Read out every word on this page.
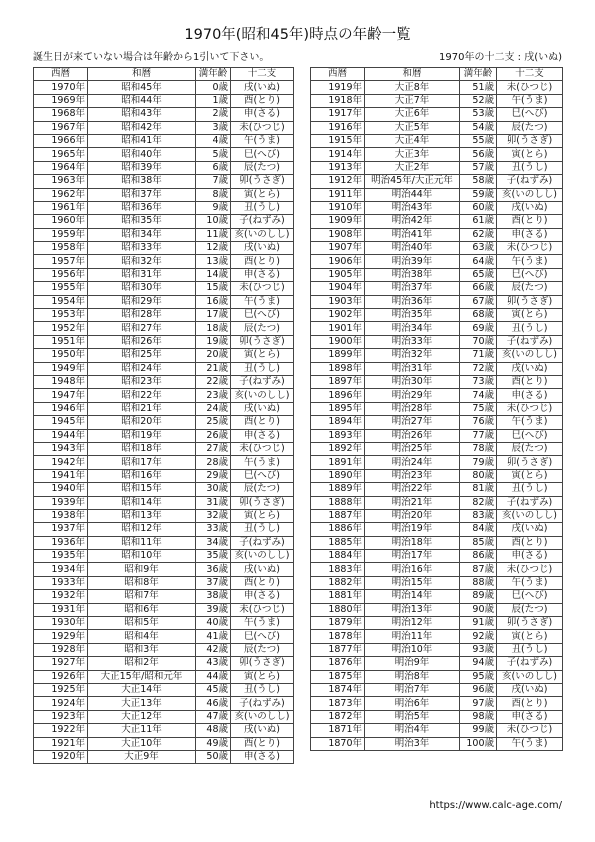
1970年(昭和45年)時点の年齢一覧
誕生日が来ていない場合は年齢から1引いて下さい。	1970年の十二支 : 戌(いぬ)
西暦	和暦	満年齢	十二支
1970年	昭和45年	0歳	戌(いぬ)
1969年	昭和44年	1歳	酉(とり)
1968年	昭和43年	2歳	申(さる)
1967年	昭和42年	3歳	未(ひつじ)
1966年	昭和41年	4歳	午(うま)
1965年	昭和40年	5歳	巳(へび)
1964年	昭和39年	6歳	辰(たつ)
1963年	昭和38年	7歳	卯(うさぎ)
1962年	昭和37年	8歳	寅(とら)
1961年	昭和36年	9歳	丑(うし)
1960年	昭和35年	10歳	子(ねずみ)
1959年	昭和34年	11歳	亥(いのしし)
1958年	昭和33年	12歳	戌(いぬ)
1957年	昭和32年	13歳	酉(とり)
1956年	昭和31年	14歳	申(さる)
1955年	昭和30年	15歳	未(ひつじ)
1954年	昭和29年	16歳	午(うま)
1953年	昭和28年	17歳	巳(へび)
1952年	昭和27年	18歳	辰(たつ)
1951年	昭和26年	19歳	卯(うさぎ)
1950年	昭和25年	20歳	寅(とら)
1949年	昭和24年	21歳	丑(うし)
1948年	昭和23年	22歳	子(ねずみ)
1947年	昭和22年	23歳	亥(いのしし)
1946年	昭和21年	24歳	戌(いぬ)
1945年	昭和20年	25歳	酉(とり)
1944年	昭和19年	26歳	申(さる)
1943年	昭和18年	27歳	未(ひつじ)
1942年	昭和17年	28歳	午(うま)
1941年	昭和16年	29歳	巳(へび)
1940年	昭和15年	30歳	辰(たつ)
1939年	昭和14年	31歳	卯(うさぎ)
1938年	昭和13年	32歳	寅(とら)
1937年	昭和12年	33歳	丑(うし)
1936年	昭和11年	34歳	子(ねずみ)
1935年	昭和10年	35歳	亥(いのしし)
1934年	昭和9年	36歳	戌(いぬ)
1933年	昭和8年	37歳	酉(とり)
1932年	昭和7年	38歳	申(さる)
1931年	昭和6年	39歳	未(ひつじ)
1930年	昭和5年	40歳	午(うま)
1929年	昭和4年	41歳	巳(へび)
1928年	昭和3年	42歳	辰(たつ)
1927年	昭和2年	43歳	卯(うさぎ)
1926年	大正15年/昭和元年	44歳	寅(とら)
1925年	大正14年	45歳	丑(うし)
1924年	大正13年	46歳	子(ねずみ)
1923年	大正12年	47歳	亥(いのしし)
1922年	大正11年	48歳	戌(いぬ)
1921年	大正10年	49歳	酉(とり)
1920年	大正9年	50歳	申(さる)
西暦	和暦	満年齢	十二支
1919年	大正8年	51歳	未(ひつじ)
1918年	大正7年	52歳	午(うま)
1917年	大正6年	53歳	巳(へび)
1916年	大正5年	54歳	辰(たつ)
1915年	大正4年	55歳	卯(うさぎ)
1914年	大正3年	56歳	寅(とら)
1913年	大正2年	57歳	丑(うし)
1912年	明治45年/大正元年	58歳	子(ねずみ)
1911年	明治44年	59歳	亥(いのしし)
1910年	明治43年	60歳	戌(いぬ)
1909年	明治42年	61歳	酉(とり)
1908年	明治41年	62歳	申(さる)
1907年	明治40年	63歳	未(ひつじ)
1906年	明治39年	64歳	午(うま)
1905年	明治38年	65歳	巳(へび)
1904年	明治37年	66歳	辰(たつ)
1903年	明治36年	67歳	卯(うさぎ)
1902年	明治35年	68歳	寅(とら)
1901年	明治34年	69歳	丑(うし)
1900年	明治33年	70歳	子(ねずみ)
1899年	明治32年	71歳	亥(いのしし)
1898年	明治31年	72歳	戌(いぬ)
1897年	明治30年	73歳	酉(とり)
1896年	明治29年	74歳	申(さる)
1895年	明治28年	75歳	未(ひつじ)
1894年	明治27年	76歳	午(うま)
1893年	明治26年	77歳	巳(へび)
1892年	明治25年	78歳	辰(たつ)
1891年	明治24年	79歳	卯(うさぎ)
1890年	明治23年	80歳	寅(とら)
1889年	明治22年	81歳	丑(うし)
1888年	明治21年	82歳	子(ねずみ)
1887年	明治20年	83歳	亥(いのしし)
1886年	明治19年	84歳	戌(いぬ)
1885年	明治18年	85歳	酉(とり)
1884年	明治17年	86歳	申(さる)
1883年	明治16年	87歳	未(ひつじ)
1882年	明治15年	88歳	午(うま)
1881年	明治14年	89歳	巳(へび)
1880年	明治13年	90歳	辰(たつ)
1879年	明治12年	91歳	卯(うさぎ)
1878年	明治11年	92歳	寅(とら)
1877年	明治10年	93歳	丑(うし)
1876年	明治9年	94歳	子(ねずみ)
1875年	明治8年	95歳	亥(いのしし)
1874年	明治7年	96歳	戌(いぬ)
1873年	明治6年	97歳	酉(とり)
1872年	明治5年	98歳	申(さる)
1871年	明治4年	99歳	未(ひつじ)
1870年	明治3年	100歳	午(うま)
https://www.calc-age.com/
